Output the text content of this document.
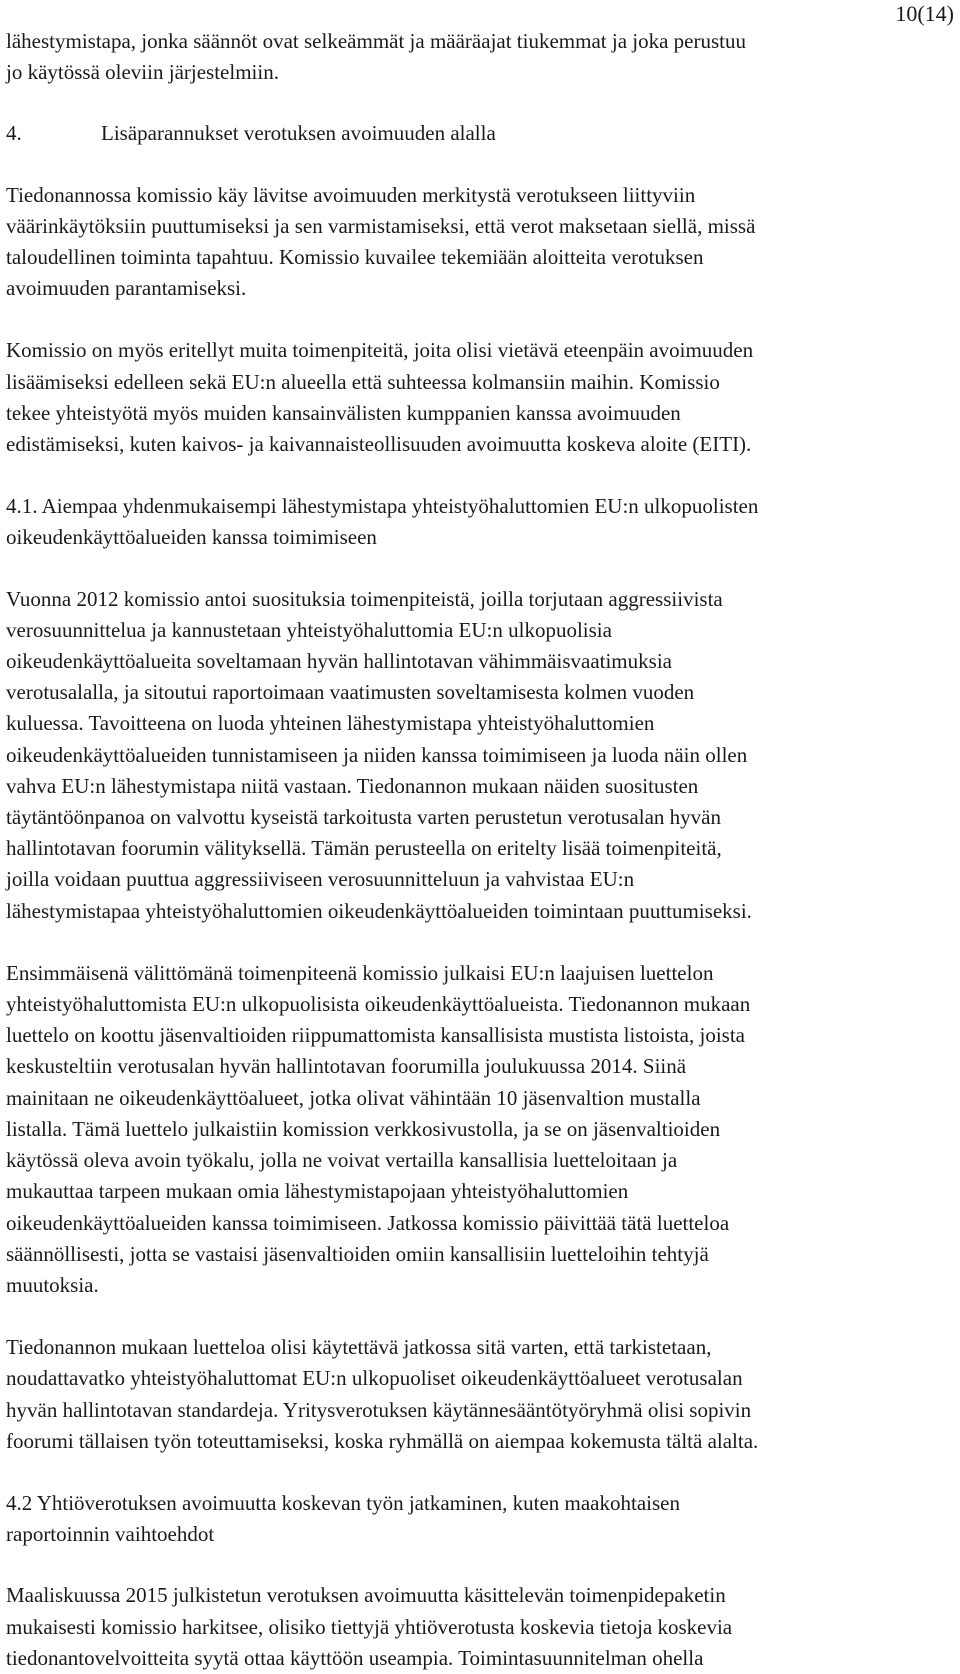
10(14)

lähestymistapa, jonka säännöt ovat selkeämmät ja määräajat tiukemmat ja joka perustuu
jo käytössä oleviin järjestelmiin.

4.	Lisäparannukset verotuksen avoimuuden alalla

Tiedonannossa komissio käy lävitse avoimuuden merkitystä verotukseen liittyviin
väärinkäytöksiin puuttumiseksi ja sen varmistamiseksi, että verot maksetaan siellä, missä
taloudellinen toiminta tapahtuu. Komissio kuvailee tekemiään aloitteita verotuksen
avoimuuden parantamiseksi.

Komissio on myös eritellyt muita toimenpiteitä, joita olisi vietävä eteenpäin avoimuuden
lisäämiseksi edelleen sekä EU:n alueella että suhteessa kolmansiin maihin. Komissio
tekee yhteistyötä myös muiden kansainvälisten kumppanien kanssa avoimuuden
edistämiseksi, kuten kaivos- ja kaivannaisteollisuuden avoimuutta koskeva aloite (EITI).

4.1. Aiempaa yhdenmukaisempi lähestymistapa yhteistyöhaluttomien EU:n ulkopuolisten
oikeudenkäyttöalueiden kanssa toimimiseen

Vuonna 2012 komissio antoi suosituksia toimenpiteistä, joilla torjutaan aggressiivista
verosuunnittelua ja kannustetaan yhteistyöhaluttomia EU:n ulkopuolisia
oikeudenkäyttöalueita soveltamaan hyvän hallintotavan vähimmäisvaatimuksia
verotusalalla, ja sitoutui raportoimaan vaatimusten soveltamisesta kolmen vuoden
kuluessa. Tavoitteena on luoda yhteinen lähestymistapa yhteistyöhaluttomien
oikeudenkäyttöalueiden tunnistamiseen ja niiden kanssa toimimiseen ja luoda näin ollen
vahva EU:n lähestymistapa niitä vastaan. Tiedonannon mukaan näiden suositusten
täytäntöönpanoa on valvottu kyseistä tarkoitusta varten perustetun verotusalan hyvän
hallintotavan foorumin välityksellä. Tämän perusteella on eritelty lisää toimenpiteitä,
joilla voidaan puuttua aggressiiviseen verosuunnitteluun ja vahvistaa EU:n
lähestymistapaa yhteistyöhaluttomien oikeudenkäyttöalueiden toimintaan puuttumiseksi.

Ensimmäisenä välittömänä toimenpiteenä komissio julkaisi EU:n laajuisen luettelon
yhteistyöhaluttomista EU:n ulkopuolisista oikeudenkäyttöalueista. Tiedonannon mukaan
luettelo on koottu jäsenvaltioiden riippumattomista kansallisista mustista listoista, joista
keskusteltiin verotusalan hyvän hallintotavan foorumilla joulukuussa 2014. Siinä
mainitaan ne oikeudenkäyttöalueet, jotka olivat vähintään 10 jäsenvaltion mustalla
listalla. Tämä luettelo julkaistiin komission verkkosivustolla, ja se on jäsenvaltioiden
käytössä oleva avoin työkalu, jolla ne voivat vertailla kansallisia luetteloitaan ja
mukauttaa tarpeen mukaan omia lähestymistapojaan yhteistyöhaluttomien
oikeudenkäyttöalueiden kanssa toimimiseen. Jatkossa komissio päivittää tätä luetteloa
säännöllisesti, jotta se vastaisi jäsenvaltioiden omiin kansallisiin luetteloihin tehtyjä
muutoksia.

Tiedonannon mukaan luetteloa olisi käytettävä jatkossa sitä varten, että tarkistetaan,
noudattavatko yhteistyöhaluttomat EU:n ulkopuoliset oikeudenkäyttöalueet verotusalan
hyvän hallintotavan standardeja. Yritysverotuksen käytännesääntötyöryhmä olisi sopivin
foorumi tällaisen työn toteuttamiseksi, koska ryhmällä on aiempaa kokemusta tältä alalta.

4.2 Yhtiöverotuksen avoimuutta koskevan työn jatkaminen, kuten maakohtaisen
raportoinnin vaihtoehdot

Maaliskuussa 2015 julkistetun verotuksen avoimuutta käsittelevän toimenpidepaketin
mukaisesti komissio harkitsee, olisiko tiettyjä yhtiöverotusta koskevia tietoja koskevia
tiedonantovelvoitteita syytä ottaa käyttöön useampia. Toimintasuunnitelman ohella
